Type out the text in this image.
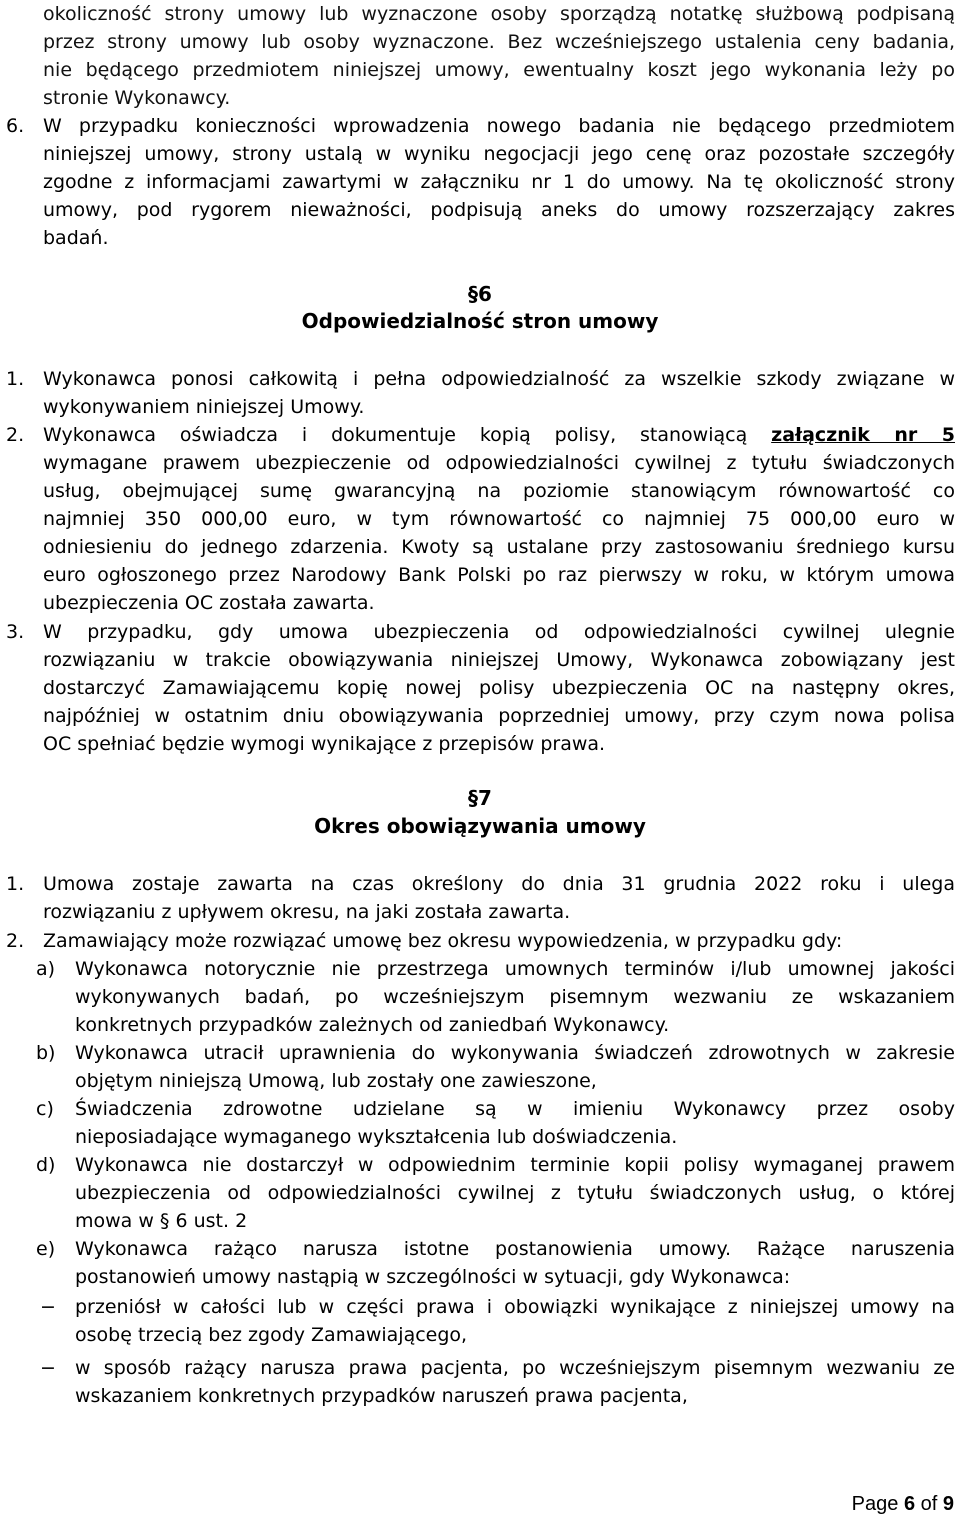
okoliczność strony umowy lub wyznaczone osoby sporządzą notatkę służbową podpisaną
przez strony umowy lub osoby wyznaczone. Bez wcześniejszego ustalenia ceny badania,
nie będącego przedmiotem niniejszej umowy, ewentualny koszt jego wykonania leży po
stronie Wykonawcy.
6. W przypadku konieczności wprowadzenia nowego badania nie będącego przedmiotem
niniejszej umowy, strony ustalą w wyniku negocjacji jego cenę oraz pozostałe szczegóły
zgodne z informacjami zawartymi w załączniku nr 1 do umowy. Na tę okoliczność strony
umowy, pod rygorem nieważności, podpisują aneks do umowy rozszerzający zakres
badań.
§6
Odpowiedzialność stron umowy
1. Wykonawca ponosi całkowitą i pełna odpowiedzialność za wszelkie szkody związane w
wykonywaniem niniejszej Umowy.
2. Wykonawca oświadcza i dokumentuje kopią polisy, stanowiącą załącznik nr 5
wymagane prawem ubezpieczenie od odpowiedzialności cywilnej z tytułu świadczonych
usług, obejmującej sumę gwarancyjną na poziomie stanowiącym równowartość co
najmniej 350 000,00 euro, w tym równowartość co najmniej 75 000,00 euro w
odniesieniu do jednego zdarzenia. Kwoty są ustalane przy zastosowaniu średniego kursu
euro ogłoszonego przez Narodowy Bank Polski po raz pierwszy w roku, w którym umowa
ubezpieczenia OC została zawarta.
3. W przypadku, gdy umowa ubezpieczenia od odpowiedzialności cywilnej ulegnie
rozwiązaniu w trakcie obowiązywania niniejszej Umowy, Wykonawca zobowiązany jest
dostarczyć Zamawiającemu kopię nowej polisy ubezpieczenia OC na następny okres,
najpóźniej w ostatnim dniu obowiązywania poprzedniej umowy, przy czym nowa polisa
OC spełniać będzie wymogi wynikające z przepisów prawa.
§7
Okres obowiązywania umowy
1. Umowa zostaje zawarta na czas określony do dnia 31 grudnia 2022 roku i ulega
rozwiązaniu z upływem okresu, na jaki została zawarta.
2. Zamawiający może rozwiązać umowę bez okresu wypowiedzenia, w przypadku gdy:
a) Wykonawca notorycznie nie przestrzega umownych terminów i/lub umownej jakości
wykonywanych badań, po wcześniejszym pisemnym wezwaniu ze wskazaniem
konkretnych przypadków zależnych od zaniedbań Wykonawcy.
b) Wykonawca utracił uprawnienia do wykonywania świadczeń zdrowotnych w zakresie
objętym niniejszą Umową, lub zostały one zawieszone,
c) Świadczenia zdrowotne udzielane są w imieniu Wykonawcy przez osoby
nieposiadające wymaganego wykształcenia lub doświadczenia.
d) Wykonawca nie dostarczył w odpowiednim terminie kopii polisy wymaganej prawem
ubezpieczenia od odpowiedzialności cywilnej z tytułu świadczonych usług, o której
mowa w § 6 ust. 2
e) Wykonawca rażąco narusza istotne postanowienia umowy. Rażące naruszenia
postanowień umowy nastąpią w szczególności w sytuacji, gdy Wykonawca:
− przeniósł w całości lub w części prawa i obowiązki wynikające z niniejszej umowy na
osobę trzecią bez zgody Zamawiającego,
− w sposób rażący narusza prawa pacjenta, po wcześniejszym pisemnym wezwaniu ze
wskazaniem konkretnych przypadków naruszeń prawa pacjenta,
Page 6 of 9
